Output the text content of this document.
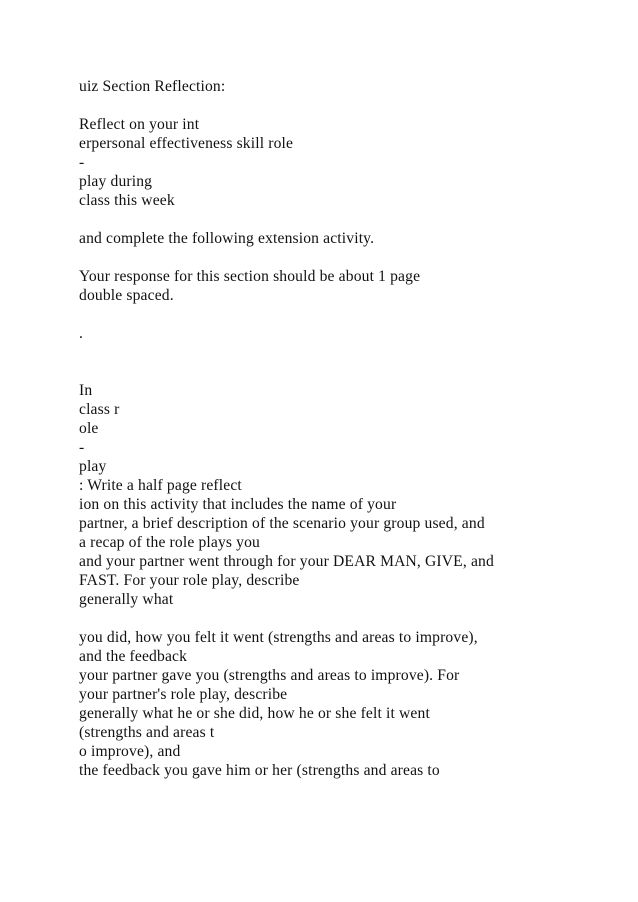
uiz Section Reflection:
Reflect on your int
erpersonal effectiveness skill role
-
play during
class this week
and complete the following extension activity.
Your response for this section should be about 1 page
double spaced.
.
In
class r
ole
-
play
: Write a half page reflect
ion on this activity that includes the name of your
partner, a brief description of the scenario your group used, and
a recap of the role plays you
and your partner went through for your DEAR MAN, GIVE, and
FAST. For your role play, describe
generally what
you did, how you felt it went (strengths and areas to improve),
and the feedback
your partner gave you (strengths and areas to improve). For
your partner's role play, describe
generally what he or she did, how he or she felt it went
(strengths and areas t
o improve), and
the feedback you gave him or her (strengths and areas to
